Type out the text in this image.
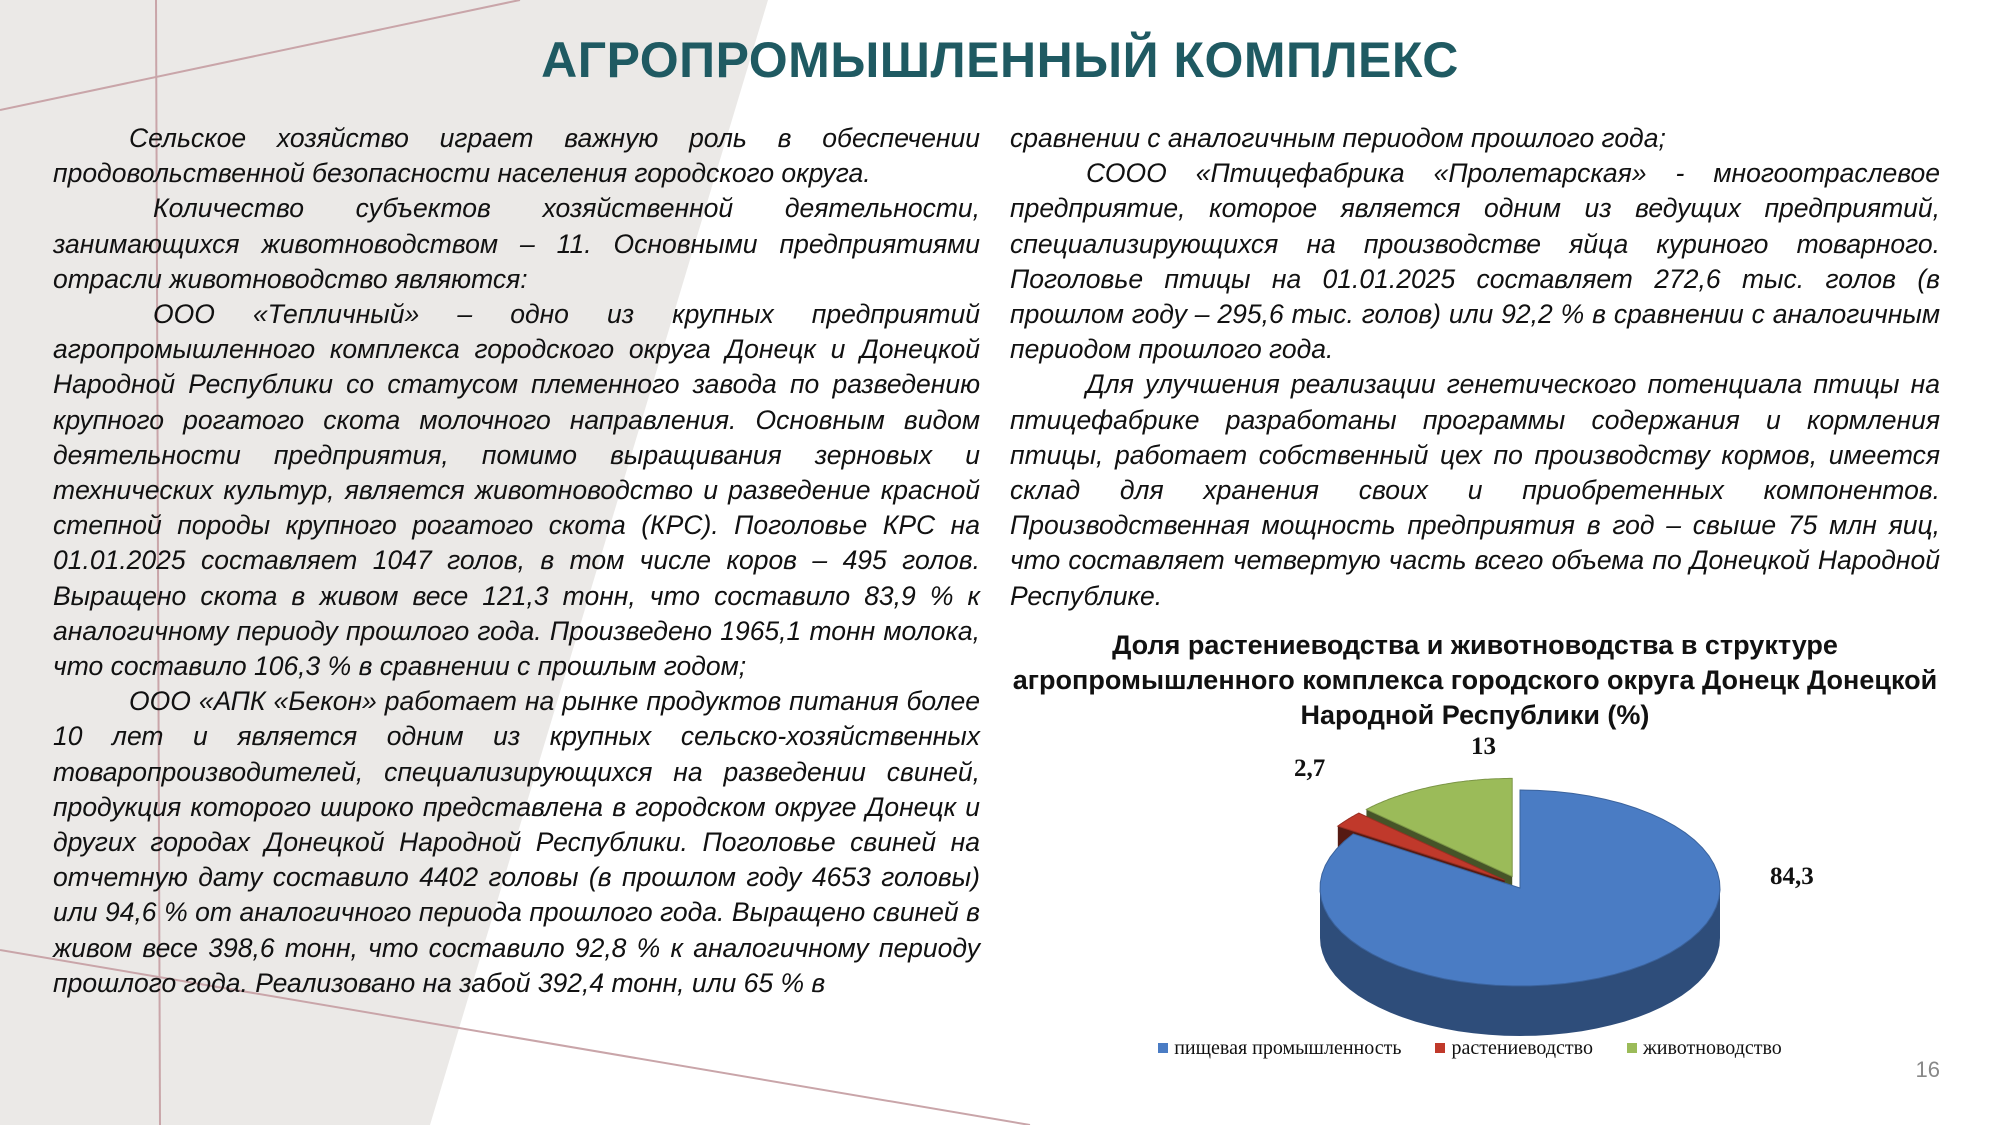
АГРОПРОМЫШЛЕННЫЙ КОМПЛЕКС

Сельское хозяйство играет важную роль в обеспечении продовольственной безопасности населения городского округа.

Количество субъектов хозяйственной деятельности, занимающихся животноводством – 11. Основными предприятиями отрасли животноводство являются:

ООО «Тепличный» – одно из крупных предприятий агропромышленного комплекса городского округа Донецк и Донецкой Народной Республики со статусом племенного завода по разведению крупного рогатого скота молочного направления. Основным видом деятельности предприятия, помимо выращивания зерновых и технических культур, является животноводство и разведение красной степной породы крупного рогатого скота (КРС). Поголовье КРС на 01.01.2025 составляет 1047 голов, в том числе коров – 495 голов. Выращено скота в живом весе 121,3 тонн, что составило 83,9 % к аналогичному периоду прошлого года. Произведено 1965,1 тонн молока, что составило 106,3 % в сравнении с прошлым годом;

ООО «АПК «Бекон» работает на рынке продуктов питания более 10 лет и является одним из крупных сельско-хозяйственных товаропроизводителей, специализирующихся на разведении свиней, продукция которого широко представлена в городском округе Донецк и других городах Донецкой Народной Республики. Поголовье свиней на отчетную дату составило 4402 головы (в прошлом году 4653 головы) или 94,6 % от аналогичного периода прошлого года. Выращено свиней в живом весе 398,6 тонн, что составило 92,8 % к аналогичному периоду прошлого года. Реализовано на забой 392,4 тонн, или 65 % в

сравнении с аналогичным периодом прошлого года;

СООО «Птицефабрика «Пролетарская» - многоотраслевое предприятие, которое является одним из ведущих предприятий, специализирующихся на производстве яйца куриного товарного. Поголовье птицы на 01.01.2025 составляет 272,6 тыс. голов (в прошлом году – 295,6 тыс. голов) или 92,2 % в сравнении с аналогичным периодом прошлого года.

Для улучшения реализации генетического потенциала птицы на птицефабрике разработаны программы содержания и кормления птицы, работает собственный цех по производству кормов, имеется склад для хранения своих и приобретенных компонентов. Производственная мощность предприятия в год – свыше 75 млн яиц, что составляет четвертую часть всего объема по Донецкой Народной Республике.

Доля растениеводства и животноводства в структуре агропромышленного комплекса городского округа Донецк Донецкой Народной Республики (%)
84,3
2,7
13
пищевая промышленность	растениеводство	животноводство
16
